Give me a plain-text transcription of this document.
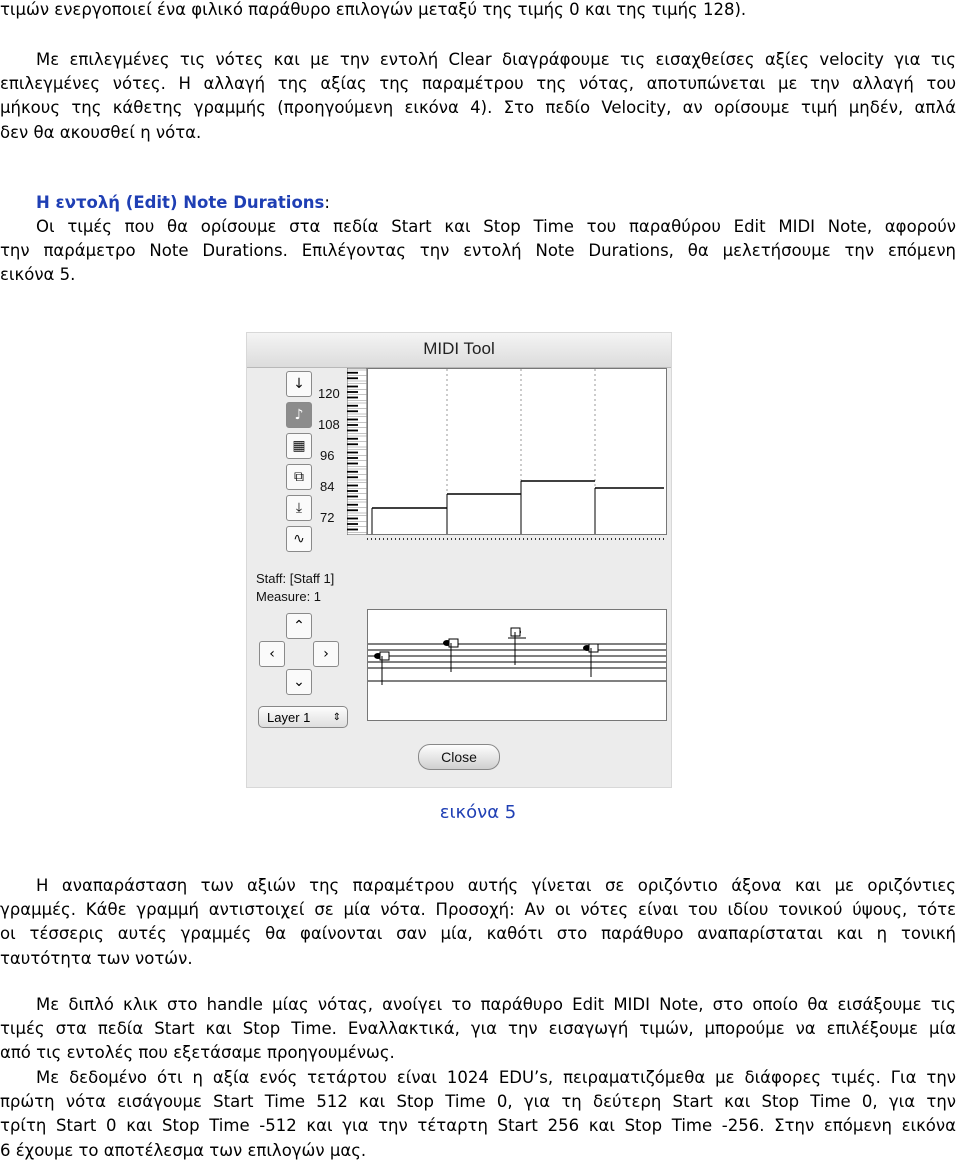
τιμών ενεργοποιεί ένα φιλικό παράθυρο επιλογών μεταξύ της τιμής 0 και της τιμής 128).

Με επιλεγμένες τις νότες και με την εντολή Clear διαγράφουμε τις εισαχθείσες αξίες velocity για τις

επιλεγμένες νότες. Η αλλαγή της αξίας της παραμέτρου της νότας, αποτυπώνεται με την αλλαγή του
μήκους της κάθετης γραμμής (προηγούμενη εικόνα 4). Στο πεδίο Velocity, αν ορίσουμε τιμή μηδέν, απλά
δεν θα ακουσθεί η νότα.

Η εντολή (Edit) Note Durations:

Οι τιμές που θα ορίσουμε στα πεδία Start και Stop Time του παραθύρου Edit MIDI Note, αφορούν

την παράμετρο Note Durations. Επιλέγοντας την εντολή Note Durations, θα μελετήσουμε την επόμενη
εικόνα 5.

MIDI Tool
↓
♪
▦
⧉
⤓
∿
120
108
96
84
72
Staff: [Staff 1]
Measure: 1
⌃
‹	›
⌄
Layer 1 ⇕
Close
εικόνα 5

Η αναπαράσταση των αξιών της παραμέτρου αυτής γίνεται σε οριζόντιο άξονα και με οριζόντιες

γραμμές. Κάθε γραμμή αντιστοιχεί σε μία νότα. Προσοχή: Αν οι νότες είναι του ιδίου τονικού ύψους, τότε
οι τέσσερις αυτές γραμμές θα φαίνονται σαν μία, καθότι στο παράθυρο αναπαρίσταται και η τονική
ταυτότητα των νοτών.

Με διπλό κλικ στο handle μίας νότας, ανοίγει το παράθυρο Edit MIDI Note, στο οποίο θα εισάξουμε τις

τιμές στα πεδία Start και Stop Time. Εναλλακτικά, για την εισαγωγή τιμών, μπορούμε να επιλέξουμε μία
από τις εντολές που εξετάσαμε προηγουμένως.

Με δεδομένο ότι η αξία ενός τετάρτου είναι 1024 EDU’s, πειραματιζόμεθα με διάφορες τιμές. Για την

πρώτη νότα εισάγουμε Start Time 512 και Stop Time 0, για τη δεύτερη Start και Stop Time 0, για την
τρίτη Start 0 και Stop Time -512 και για την τέταρτη Start 256 και Stop Time -256. Στην επόμενη εικόνα
6 έχουμε το αποτέλεσμα των επιλογών μας.
